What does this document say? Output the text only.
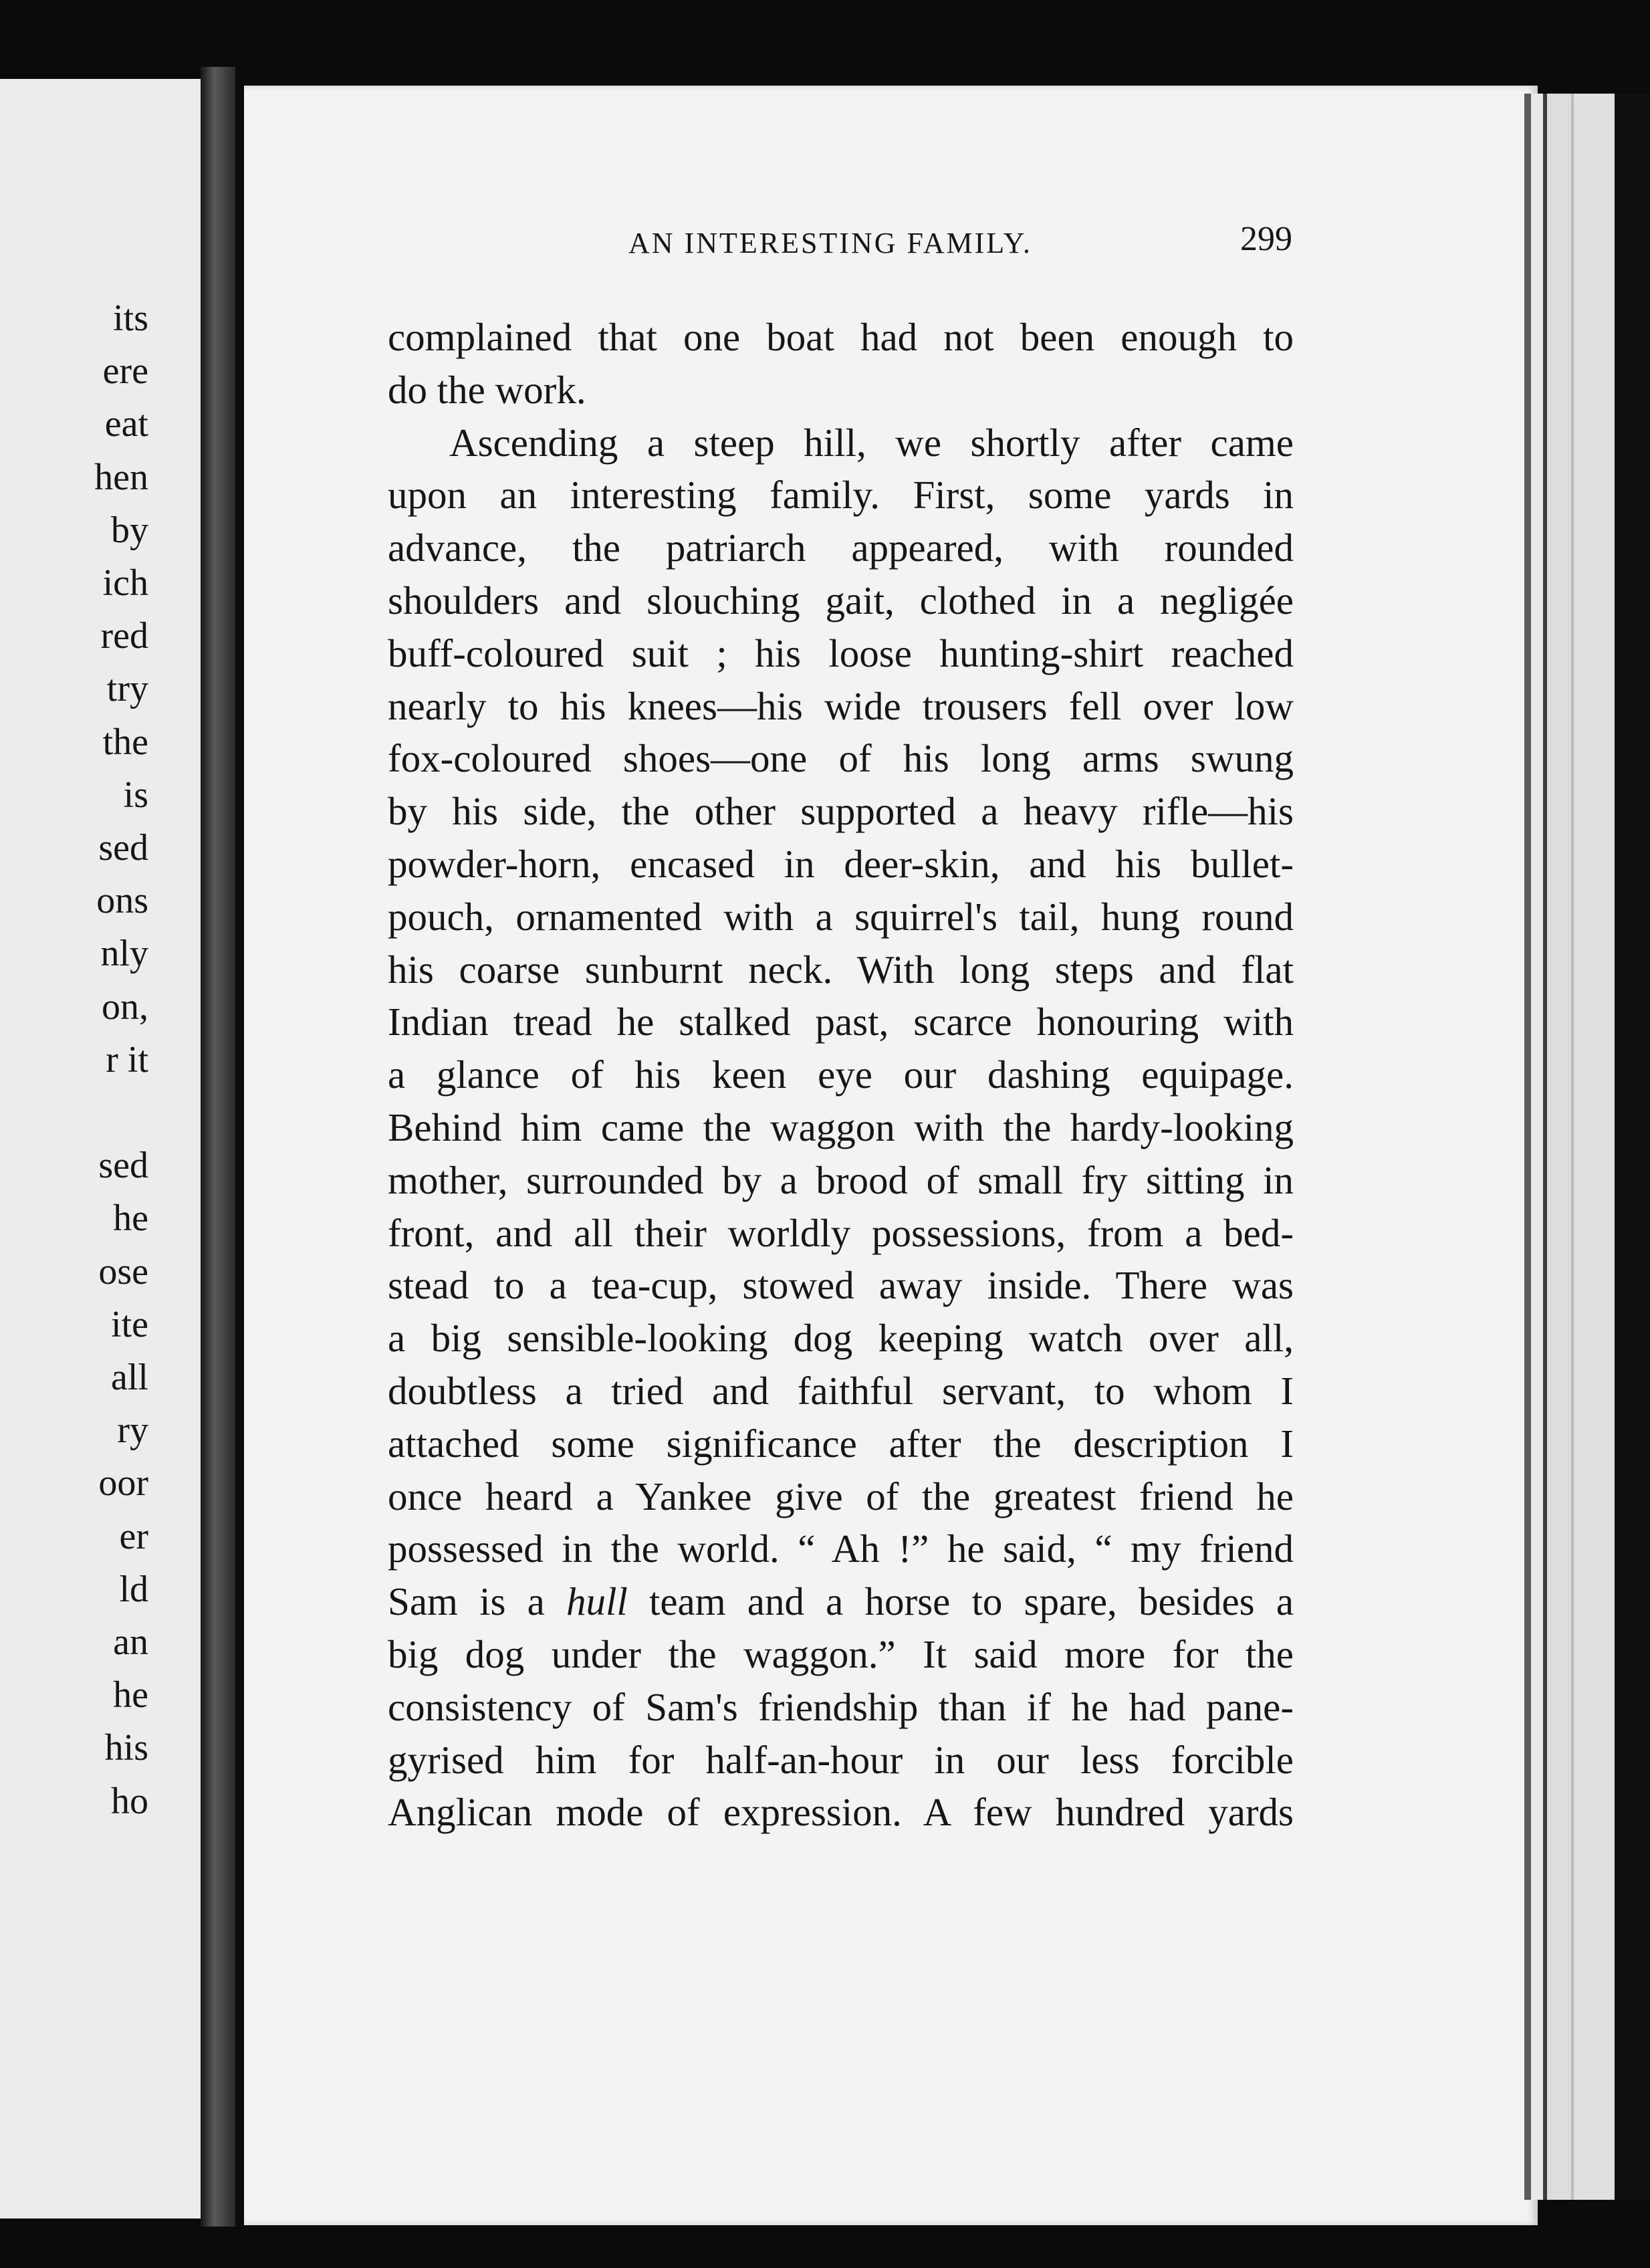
its
ere
eat
hen
by
ich
red
try
the
is
sed
ons
nly
on,
r it
sed
he
ose
ite
all
ry
oor
er
ld
an
he
his
ho
AN INTERESTING FAMILY.	299
complained that one boat had not been enough to
do the work.
Ascending a steep hill, we shortly after came
upon an interesting family. First, some yards in
advance, the patriarch appeared, with rounded
shoulders and slouching gait, clothed in a negligée
buff-coloured suit ; his loose hunting-shirt reached
nearly to his knees—his wide trousers fell over low
fox-coloured shoes—one of his long arms swung
by his side, the other supported a heavy rifle—his
powder-horn, encased in deer-skin, and his bullet-
pouch, ornamented with a squirrel's tail, hung round
his coarse sunburnt neck. With long steps and flat
Indian tread he stalked past, scarce honouring with
a glance of his keen eye our dashing equipage.
Behind him came the waggon with the hardy-looking
mother, surrounded by a brood of small fry sitting in
front, and all their worldly possessions, from a bed-
stead to a tea-cup, stowed away inside. There was
a big sensible-looking dog keeping watch over all,
doubtless a tried and faithful servant, to whom I
attached some significance after the description I
once heard a Yankee give of the greatest friend he
possessed in the world. “ Ah !” he said, “ my friend
Sam is a hull team and a horse to spare, besides a
big dog under the waggon.” It said more for the
consistency of Sam's friendship than if he had pane-
gyrised him for half-an-hour in our less forcible
Anglican mode of expression. A few hundred yards
